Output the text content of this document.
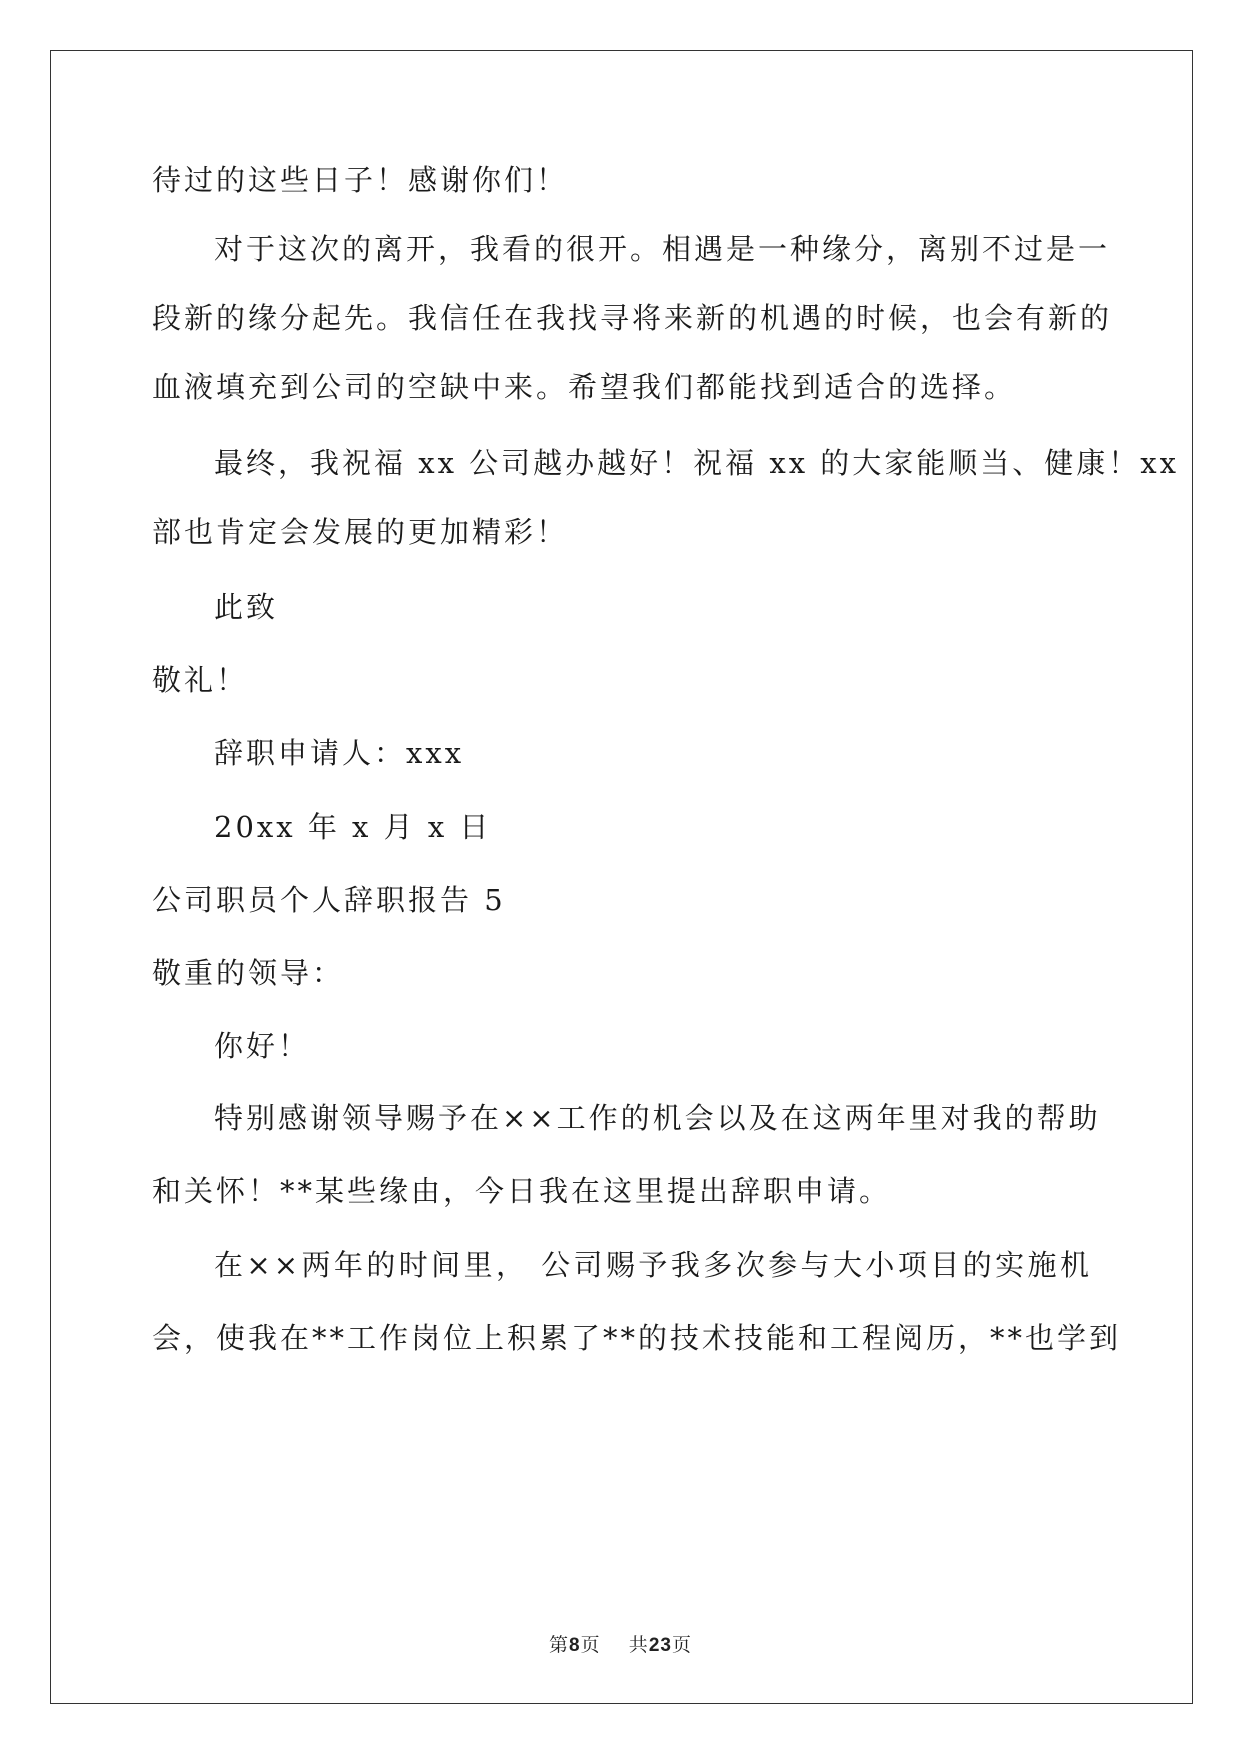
待过的这些日子！感谢你们！
对于这次的离开，我看的很开。相遇是一种缘分，离别不过是一
段新的缘分起先。我信任在我找寻将来新的机遇的时候，也会有新的
血液填充到公司的空缺中来。希望我们都能找到适合的选择。
最终，我祝福 xx 公司越办越好！祝福 xx 的大家能顺当、健康！xx
部也肯定会发展的更加精彩！
此致
敬礼！
辞职申请人：xxx
20xx 年 x 月 x 日
公司职员个人辞职报告 5
敬重的领导：
你好！
特别感谢领导赐予在××工作的机会以及在这两年里对我的帮助
和关怀！**某些缘由，今日我在这里提出辞职申请。
在××两年的时间里， 公司赐予我多次参与大小项目的实施机
会，使我在**工作岗位上积累了**的技术技能和工程阅历，**也学到
第8页 共23页
